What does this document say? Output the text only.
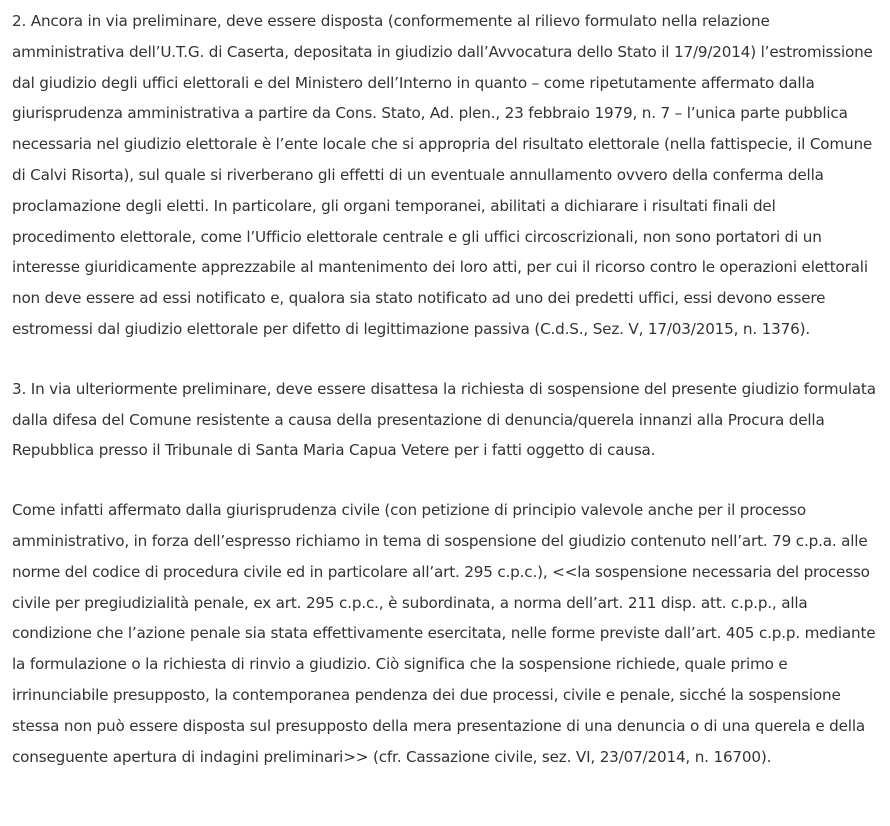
2. Ancora in via preliminare, deve essere disposta (conformemente al rilievo formulato nella relazione amministrativa dell’U.T.G. di Caserta, depositata in giudizio dall’Avvocatura dello Stato il 17/9/2014) l’estromissione dal giudizio degli uffici elettorali e del Ministero dell’Interno in quanto – come ripetutamente affermato dalla giurisprudenza amministrativa a partire da Cons. Stato, Ad. plen., 23 febbraio 1979, n. 7 – l’unica parte pubblica necessaria nel giudizio elettorale è l’ente locale che si appropria del risultato elettorale (nella fattispecie, il Comune di Calvi Risorta), sul quale si riverberano gli effetti di un eventuale annullamento ovvero della conferma della proclamazione degli eletti. In particolare, gli organi temporanei, abilitati a dichiarare i risultati finali del procedimento elettorale, come l’Ufficio elettorale centrale e gli uffici circoscrizionali, non sono portatori di un interesse giuridicamente apprezzabile al mantenimento dei loro atti, per cui il ricorso contro le operazioni elettorali non deve essere ad essi notificato e, qualora sia stato notificato ad uno dei predetti uffici, essi devono essere estromessi dal giudizio elettorale per difetto di legittimazione passiva (C.d.S., Sez. V, 17/03/2015, n. 1376).

3. In via ulteriormente preliminare, deve essere disattesa la richiesta di sospensione del presente giudizio formulata dalla difesa del Comune resistente a causa della presentazione di denuncia/querela innanzi alla Procura della Repubblica presso il Tribunale di Santa Maria Capua Vetere per i fatti oggetto di causa.

Come infatti affermato dalla giurisprudenza civile (con petizione di principio valevole anche per il processo amministrativo, in forza dell’espresso richiamo in tema di sospensione del giudizio contenuto nell’art. 79 c.p.a. alle norme del codice di procedura civile ed in particolare all’art. 295 c.p.c.), <<la sospensione necessaria del processo civile per pregiudizialità penale, ex art. 295 c.p.c., è subordinata, a norma dell’art. 211 disp. att. c.p.p., alla condizione che l’azione penale sia stata effettivamente esercitata, nelle forme previste dall’art. 405 c.p.p. mediante la formulazione o la richiesta di rinvio a giudizio. Ciò significa che la sospensione richiede, quale primo e irrinunciabile presupposto, la contemporanea pendenza dei due processi, civile e penale, sicché la sospensione stessa non può essere disposta sul presupposto della mera presentazione di una denuncia o di una querela e della conseguente apertura di indagini preliminari>> (cfr. Cassazione civile, sez. VI, 23/07/2014, n. 16700).
